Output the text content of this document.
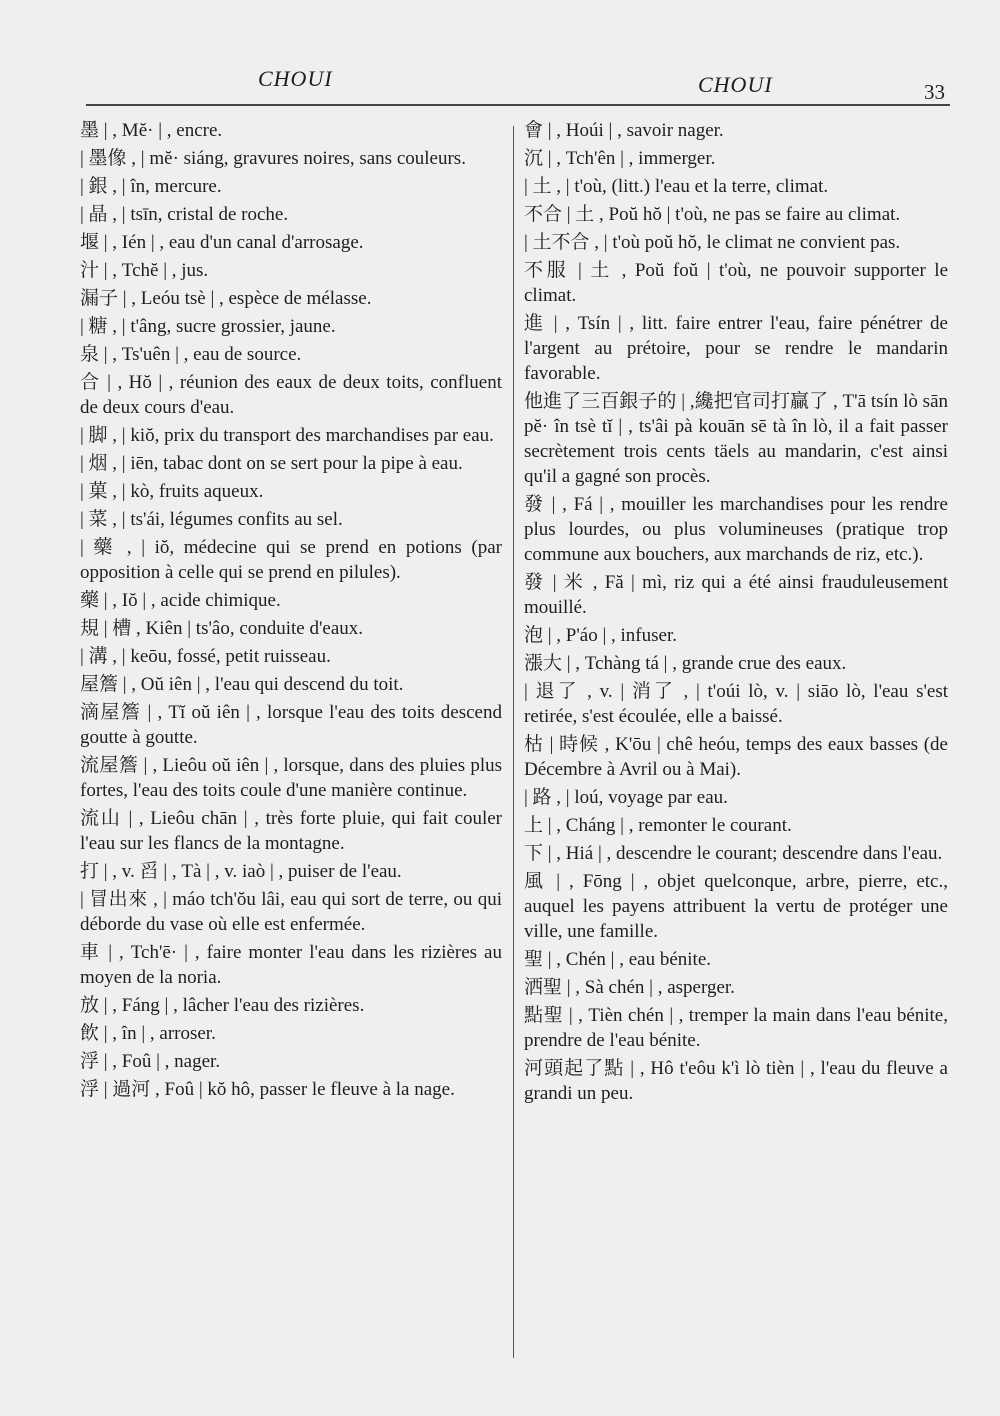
CHOUI	CHOUI	33

墨 | , Mĕ· | , encre.

| 墨像 , | mĕ· siáng, gravures noires, sans couleurs.

| 銀 , | în, mercure.

| 晶 , | tsīn, cristal de roche.

堰 | , Ién | , eau d'un canal d'arrosage.

汁 | , Tchĕ | , jus.

漏子 | , Leóu tsè | , espèce de mélasse.

| 糖 , | t'âng, sucre grossier, jaune.

泉 | , Ts'uên | , eau de source.

合 | , Hŏ | , réunion des eaux de deux toits, confluent de deux cours d'eau.

| 脚 , | kiŏ, prix du transport des marchandises par eau.

| 烟 , | iēn, tabac dont on se sert pour la pipe à eau.

| 菓 , | kò, fruits aqueux.

| 菜 , | ts'ái, légumes confits au sel.

| 藥 , | iŏ, médecine qui se prend en potions (par opposition à celle qui se prend en pilules).

藥 | , Iŏ | , acide chimique.

規 | 槽 , Kiên | ts'âo, conduite d'eaux.

| 溝 , | keōu, fossé, petit ruisseau.

屋簷 | , Oŭ iên | , l'eau qui descend du toit.

滴屋簷 | , Tĭ oŭ iên | , lorsque l'eau des toits descend goutte à goutte.

流屋簷 | , Lieôu oŭ iên | , lorsque, dans des pluies plus fortes, l'eau des toits coule d'une manière continue.

流山 | , Lieôu chān | , très forte pluie, qui fait couler l'eau sur les flancs de la montagne.

打 | , v. 舀 | , Tà | , v. iaò | , puiser de l'eau.

| 冒出來 , | máo tch'ŏu lâi, eau qui sort de terre, ou qui déborde du vase où elle est enfermée.

車 | , Tch'ē· | , faire monter l'eau dans les rizières au moyen de la noria.

放 | , Fáng | , lâcher l'eau des rizières.

飲 | , în | , arroser.

浮 | , Foû | , nager.

浮 | 過河 , Foû | kŏ hô, passer le fleuve à la nage.

會 | , Hoúi | , savoir nager.

沉 | , Tch'ên | , immerger.

| 土 , | t'où, (litt.) l'eau et la terre, climat.

不合 | 土 , Poŭ hŏ | t'où, ne pas se faire au climat.

| 土不合 , | t'où poŭ hŏ, le climat ne convient pas.

不服 | 土 , Poŭ foŭ | t'où, ne pouvoir supporter le climat.

進 | , Tsín | , litt. faire entrer l'eau, faire pénétrer de l'argent au prétoire, pour se rendre le mandarin favorable.

他進了三百銀子的 | ,纔把官司打贏了 , T'ā tsín lò sān pĕ· în tsè tĭ | , ts'âi pà kouān sē tà în lò, il a fait passer secrètement trois cents täels au mandarin, c'est ainsi qu'il a gagné son procès.

發 | , Fá | , mouiller les marchandises pour les rendre plus lourdes, ou plus volumineuses (pratique trop commune aux bouchers, aux marchands de riz, etc.).

發 | 米 , Fă | mì, riz qui a été ainsi frauduleusement mouillé.

泡 | , P'áo | , infuser.

漲大 | , Tchàng tá | , grande crue des eaux.

| 退了 , v. | 消了 , | t'oúi lò, v. | siāo lò, l'eau s'est retirée, s'est écoulée, elle a baissé.

枯 | 時候 , K'ōu | chê heóu, temps des eaux basses (de Décembre à Avril ou à Mai).

| 路 , | loú, voyage par eau.

上 | , Cháng | , remonter le courant.

下 | , Hiá | , descendre le courant; descendre dans l'eau.

風 | , Fōng | , objet quelconque, arbre, pierre, etc., auquel les payens attribuent la vertu de protéger une ville, une famille.

聖 | , Chén | , eau bénite.

洒聖 | , Sà chén | , asperger.

點聖 | , Tièn chén | , tremper la main dans l'eau bénite, prendre de l'eau bénite.

河頭起了點 | , Hô t'eôu k'ì lò tièn | , l'eau du fleuve a grandi un peu.
